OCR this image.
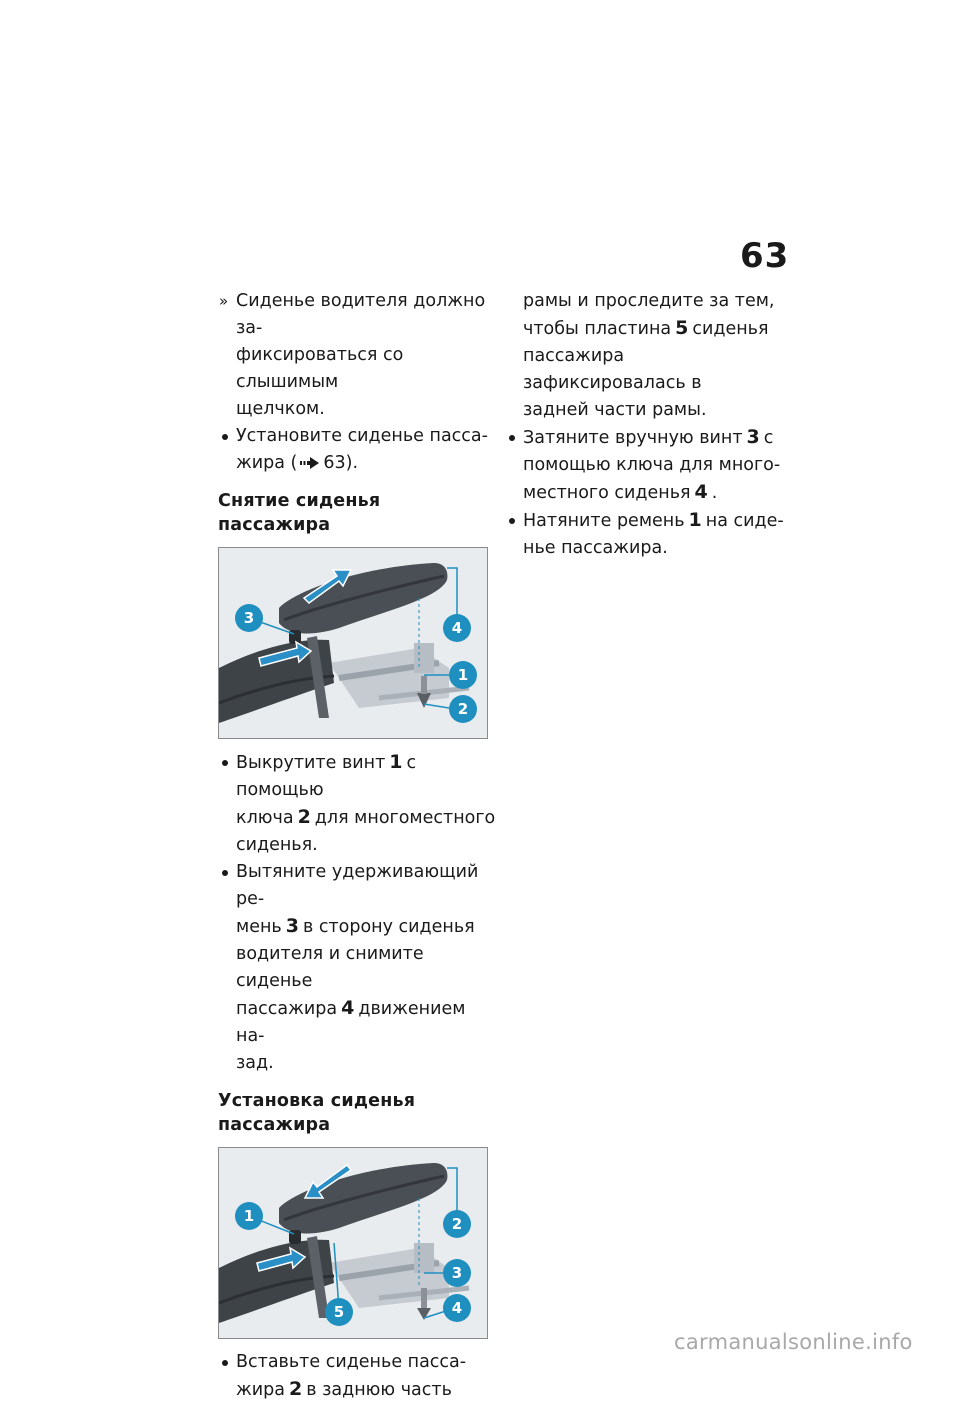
63

» Сиденье водителя должно за-
фиксироваться со слышимым
щелчком.

Установите сиденье пасса-
жира ( 63).

Снятие сиденья пассажира
3
4
1
2

Выкрутите винт 1 с помощью
ключа 2 для многоместного
сиденья.

Вытяните удерживающий ре-
мень 3 в сторону сиденья
водителя и снимите сиденье
пассажира 4 движением на-
зад.

Установка сиденья
пассажира
1	2
3
5	4

Вставьте сиденье пасса-
жира 2 в заднюю часть

рамы и проследите за тем,
чтобы пластина 5 сиденья
пассажира зафиксировалась в
задней части рамы.

Затяните вручную винт 3 с
помощью ключа для много-
местного сиденья 4 .

Натяните ремень 1 на сиде-
нье пассажира.

carmanualsonline.info
